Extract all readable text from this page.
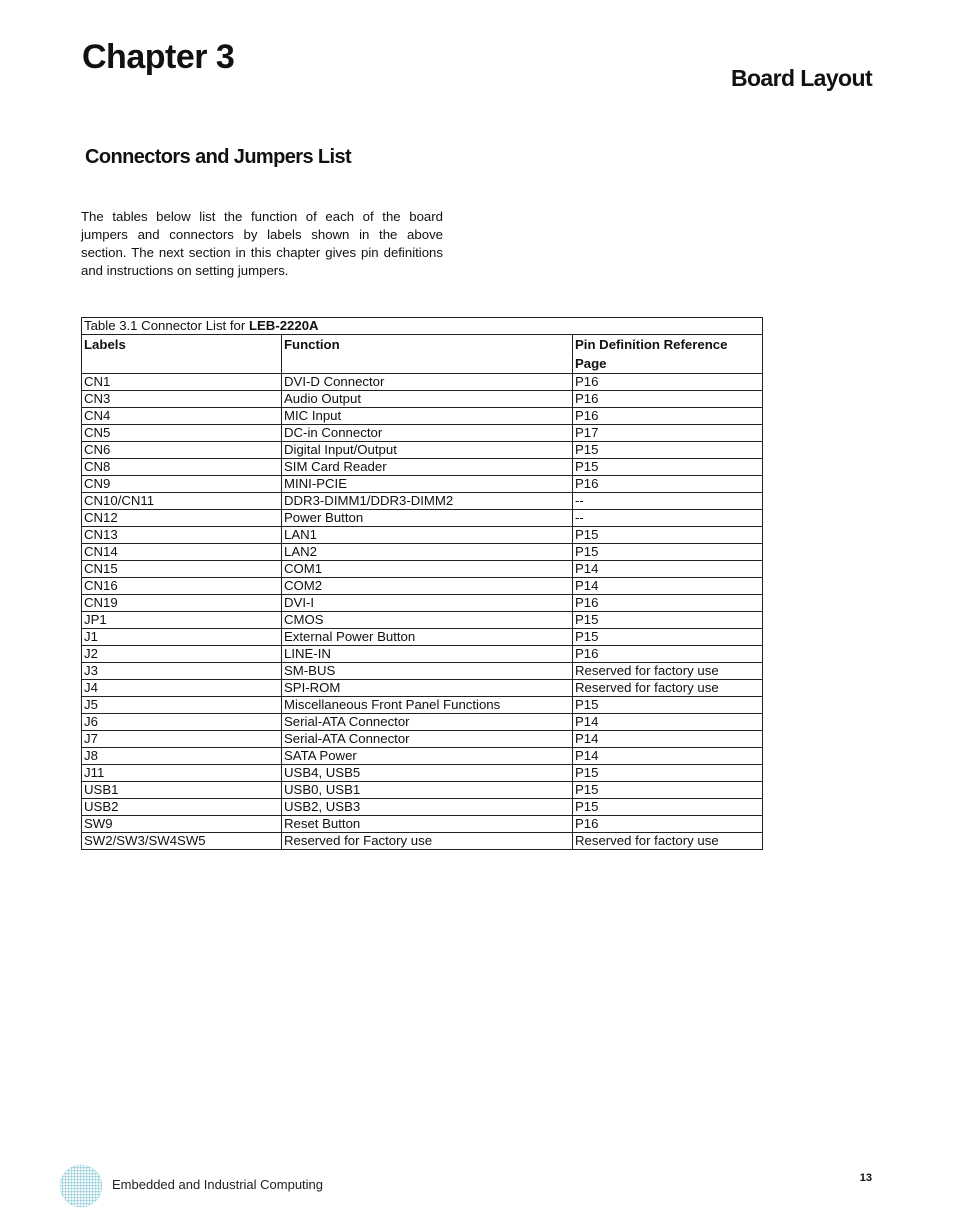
Chapter 3
Board Layout
Connectors and Jumpers List

The tables below list the function of each of the board jumpers and connectors by labels shown in the above section. The next section in this chapter gives pin definitions and instructions on setting jumpers.

Table 3.1 Connector List for LEB-2220A		
Labels	Function	Pin Definition Reference Page
CN1	DVI-D Connector	P16
CN3	Audio Output	P16
CN4	MIC Input	P16
CN5	DC-in Connector	P17
CN6	Digital Input/Output	P15
CN8	SIM Card Reader	P15
CN9	MINI-PCIE	P16
CN10/CN11	DDR3-DIMM1/DDR3-DIMM2	--
CN12	Power Button	--
CN13	LAN1	P15
CN14	LAN2	P15
CN15	COM1	P14
CN16	COM2	P14
CN19	DVI-I	P16
JP1	CMOS	P15
J1	External Power Button	P15
J2	LINE-IN	P16
J3	SM-BUS	Reserved for factory use
J4	SPI-ROM	Reserved for factory use
J5	Miscellaneous Front Panel Functions	P15
J6	Serial-ATA Connector	P14
J7	Serial-ATA Connector	P14
J8	SATA Power	P14
J11	USB4, USB5	P15
USB1	USB0, USB1	P15
USB2	USB2, USB3	P15
SW9	Reset Button	P16
SW2/SW3/SW4SW5	Reserved for Factory use	Reserved for factory use
Embedded and Industrial Computing	13
